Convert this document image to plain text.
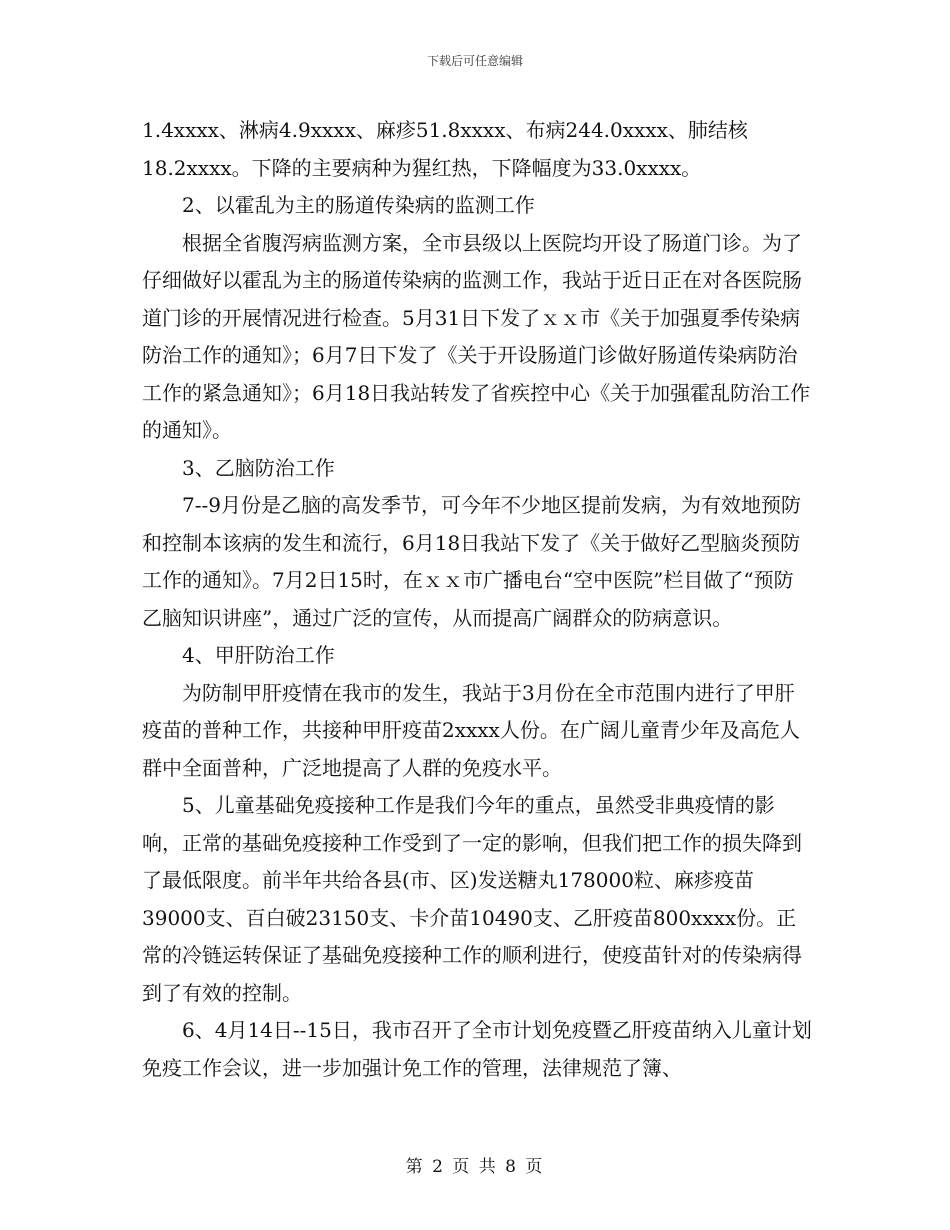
下载后可任意编辑

1.4xxxx、淋病4.9xxxx、麻疹51.8xxxx、布病244.0xxxx、肺结核18.2xxxx。下降的主要病种为猩红热，下降幅度为33.0xxxx。

2、以霍乱为主的肠道传染病的监测工作

根据全省腹泻病监测方案，全市县级以上医院均开设了肠道门诊。为了仔细做好以霍乱为主的肠道传染病的监测工作，我站于近日正在对各医院肠道门诊的开展情况进行检查。5月31日下发了ｘｘ市《关于加强夏季传染病防治工作的通知》；6月7日下发了《关于开设肠道门诊做好肠道传染病防治工作的紧急通知》；6月18日我站转发了省疾控中心《关于加强霍乱防治工作的通知》。

3、乙脑防治工作

7--9月份是乙脑的高发季节，可今年不少地区提前发病，为有效地预防和控制本该病的发生和流行，6月18日我站下发了《关于做好乙型脑炎预防工作的通知》。7月2日15时，在ｘｘ市广播电台“空中医院”栏目做了“预防乙脑知识讲座”，通过广泛的宣传，从而提高广阔群众的防病意识。

4、甲肝防治工作

为防制甲肝疫情在我市的发生，我站于3月份在全市范围内进行了甲肝疫苗的普种工作，共接种甲肝疫苗2xxxx人份。在广阔儿童青少年及高危人群中全面普种，广泛地提高了人群的免疫水平。

5、儿童基础免疫接种工作是我们今年的重点，虽然受非典疫情的影响，正常的基础免疫接种工作受到了一定的影响，但我们把工作的损失降到了最低限度。前半年共给各县(市、区)发送糖丸178000粒、麻疹疫苗39000支、百白破23150支、卡介苗10490支、乙肝疫苗800xxxx份。正常的冷链运转保证了基础免疫接种工作的顺利进行，使疫苗针对的传染病得到了有效的控制。

6、4月14日--15日，我市召开了全市计划免疫暨乙肝疫苗纳入儿童计划免疫工作会议，进一步加强计免工作的管理，法律规范了簿、

第 2 页 共 8 页
